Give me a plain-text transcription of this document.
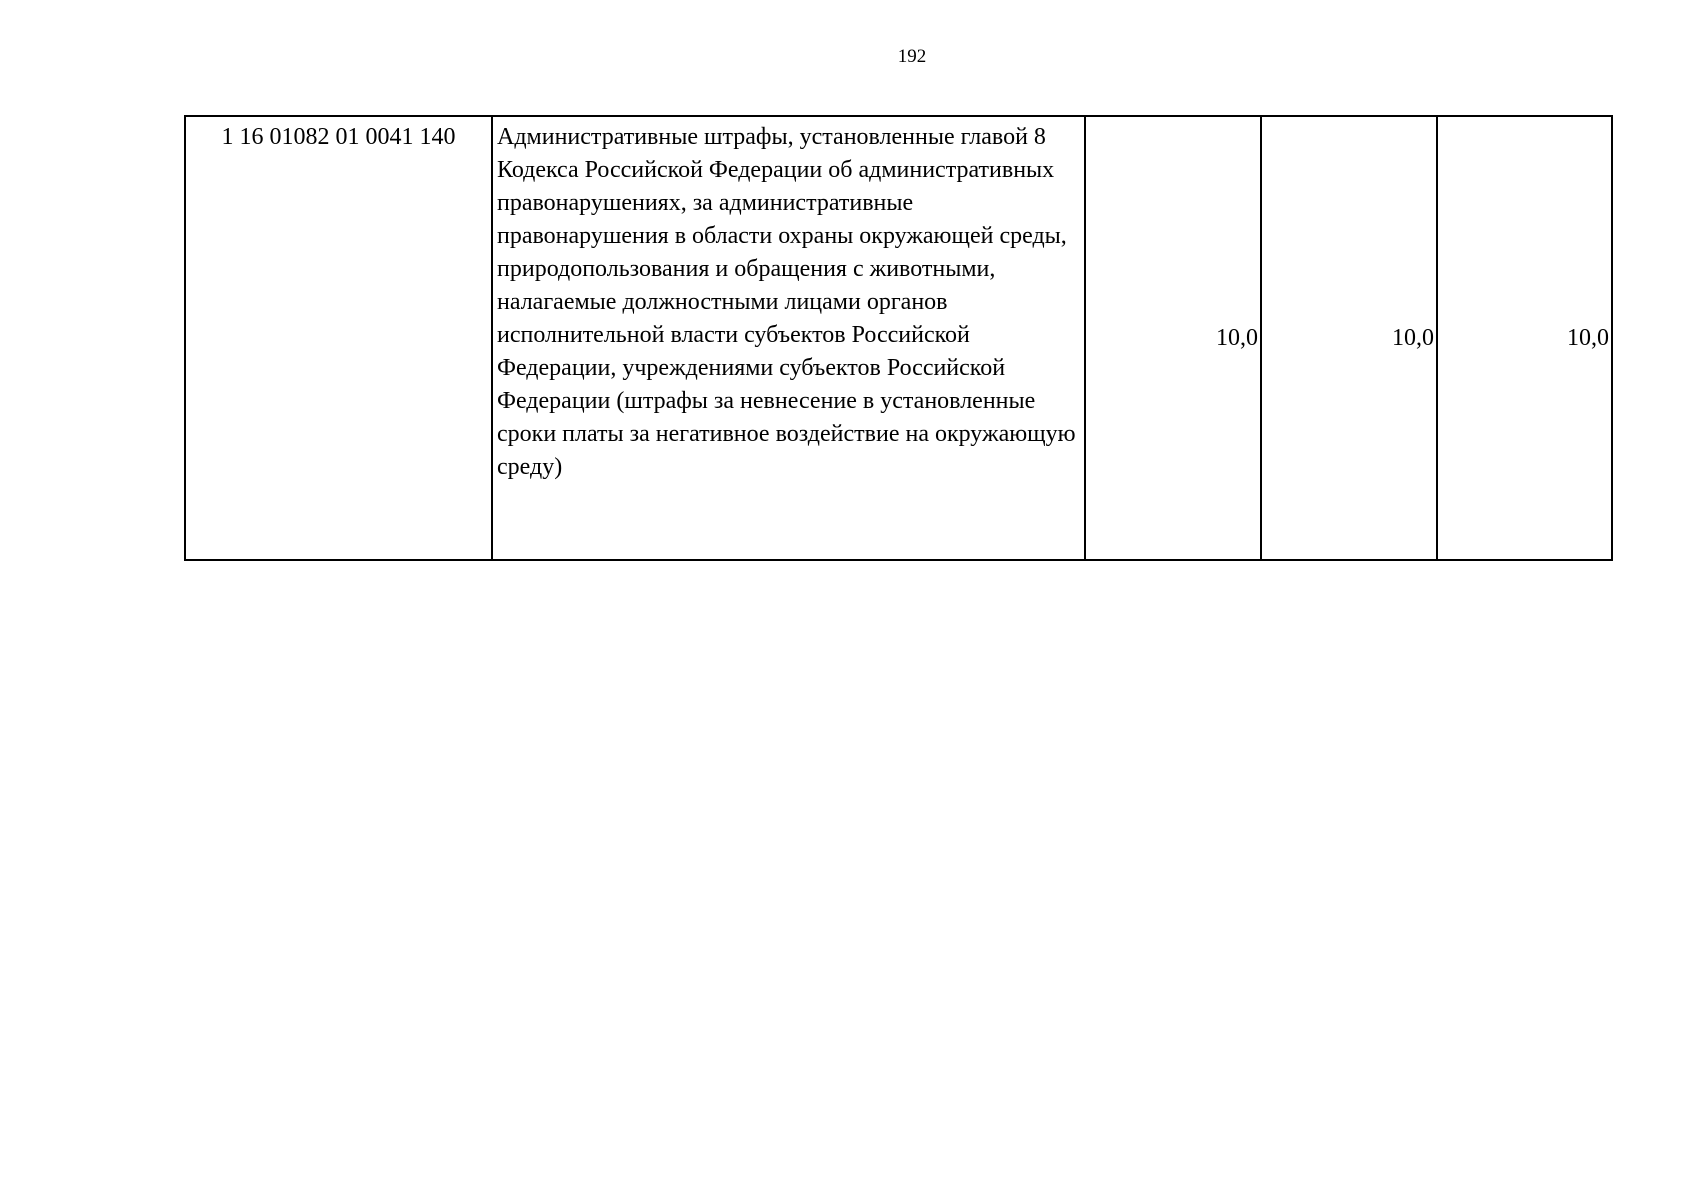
192
1 16 01082 01 0041 140	Административные штрафы, установленные главой 8 Кодекса Российской Федерации об административных правонарушениях, за административные правонарушения в области охраны окружающей среды, природопользования и обращения с животными, налагаемые должностными лицами органов исполнительной власти субъектов Российской Федерации, учреждениями субъектов Российской Федерации (штрафы за невнесение в установленные сроки платы за негативное воздействие на окружающую среду)	10,0	10,0	10,0
